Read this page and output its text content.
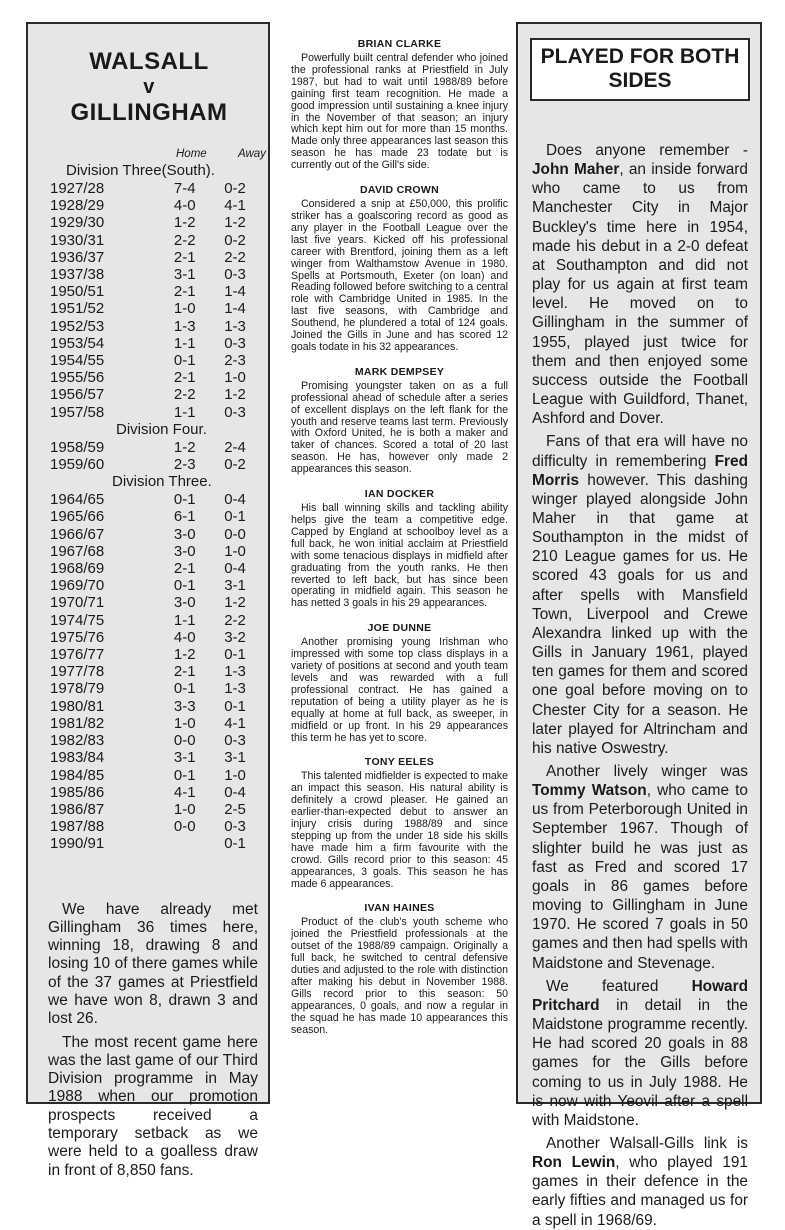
WALSALL
v
GILLINGHAM
Home	Away
Division Three(South).
1927/28	7-4	0-2
1928/29	4-0	4-1
1929/30	1-2	1-2
1930/31	2-2	0-2
1936/37	2-1	2-2
1937/38	3-1	0-3
1950/51	2-1	1-4
1951/52	1-0	1-4
1952/53	1-3	1-3
1953/54	1-1	0-3
1954/55	0-1	2-3
1955/56	2-1	1-0
1956/57	2-2	1-2
1957/58	1-1	0-3
Division Four.
1958/59	1-2	2-4
1959/60	2-3	0-2
Division Three.
1964/65	0-1	0-4
1965/66	6-1	0-1
1966/67	3-0	0-0
1967/68	3-0	1-0
1968/69	2-1	0-4
1969/70	0-1	3-1
1970/71	3-0	1-2
1974/75	1-1	2-2
1975/76	4-0	3-2
1976/77	1-2	0-1
1977/78	2-1	1-3
1978/79	0-1	1-3
1980/81	3-3	0-1
1981/82	1-0	4-1
1982/83	0-0	0-3
1983/84	3-1	3-1
1984/85	0-1	1-0
1985/86	4-1	0-4
1986/87	1-0	2-5
1987/88	0-0	0-3
1990/91		0-1

We have already met Gillingham 36 times here, winning 18, drawing 8 and losing 10 of there games while of the 37 games at Priestfield we have won 8, drawn 3 and lost 26.

The most recent game here was the last game of our Third Division programme in May 1988 when our promotion prospects received a temporary setback as we were held to a goalless draw in front of 8,850 fans.

BRIAN CLARKE

Powerfully built central defender who joined the professional ranks at Priestfield in July 1987, but had to wait until 1988/89 before gaining first team recognition. He made a good impression until sustaining a knee injury in the November of that season; an injury which kept him out for more than 15 months. Made only three appearances last season this season he has made 23 todate but is currently out of the Gill's side.

DAVID CROWN

Considered a snip at £50,000, this prolific striker has a goalscoring record as good as any player in the Football League over the last five years. Kicked off his professional career with Brentford, joining them as a left winger from Walthamstow Avenue in 1980. Spells at Portsmouth, Exeter (on loan) and Reading followed before switching to a central role with Cambridge United in 1985. In the last five seasons, with Cambridge and Southend, he plundered a total of 124 goals. Joined the Gills in June and has scored 12 goals todate in his 32 appearances.

MARK DEMPSEY

Promising youngster taken on as a full professional ahead of schedule after a series of excellent displays on the left flank for the youth and reserve teams last term. Previously with Oxford United, he is both a maker and taker of chances. Scored a total of 20 last season. He has, however only made 2 appearances this season.

IAN DOCKER

His ball winning skills and tackling ability helps give the team a competitive edge. Capped by England at schoolboy level as a full back, he won initial acclaim at Priestfield with some tenacious displays in midfield after graduating from the youth ranks. He then reverted to left back, but has since been operating in midfield again. This season he has netted 3 goals in his 29 appearances.

JOE DUNNE

Another promising young Irishman who impressed with some top class displays in a variety of positions at second and youth team levels and was rewarded with a full professional contract. He has gained a reputation of being a utility player as he is equally at home at full back, as sweeper, in midfield or up front. In his 29 appearances this term he has yet to score.

TONY EELES

This talented midfielder is expected to make an impact this season. His natural ability is definitely a crowd pleaser. He gained an earlier-than-expected debut to answer an injury crisis during 1988/89 and since stepping up from the under 18 side his skills have made him a firm favourite with the crowd. Gills record prior to this season: 45 appearances, 3 goals. This season he has made 6 appearances.

IVAN HAINES

Product of the club's youth scheme who joined the Priestfield professionals at the outset of the 1988/89 campaign. Originally a full back, he switched to central defensive duties and adjusted to the role with distinction after making his debut in November 1988. Gills record prior to this season: 50 appearances, 0 goals, and now a regular in the squad he has made 10 appearances this season.

PLAYED FOR BOTH SIDES

Does anyone remember - John Maher, an inside forward who came to us from Manchester City in Major Buckley's time here in 1954, made his debut in a 2-0 defeat at Southampton and did not play for us again at first team level. He moved on to Gillingham in the summer of 1955, played just twice for them and then enjoyed some success outside the Football League with Guildford, Thanet, Ashford and Dover.

Fans of that era will have no difficulty in remembering Fred Morris however. This dashing winger played alongside John Maher in that game at Southampton in the midst of 210 League games for us. He scored 43 goals for us and after spells with Mansfield Town, Liverpool and Crewe Alexandra linked up with the Gills in January 1961, played ten games for them and scored one goal before moving on to Chester City for a season. He later played for Altrincham and his native Oswestry.

Another lively winger was Tommy Watson, who came to us from Peterborough United in September 1967. Though of slighter build he was just as fast as Fred and scored 17 goals in 86 games before moving to Gillingham in June 1970. He scored 7 goals in 50 games and then had spells with Maidstone and Stevenage.

We featured Howard Pritchard in detail in the Maidstone programme recently. He had scored 20 goals in 88 games for the Gills before coming to us in July 1988. He is now with Yeovil after a spell with Maidstone.

Another Walsall-Gills link is Ron Lewin, who played 191 games in their defence in the early fifties and managed us for a spell in 1968/69.
